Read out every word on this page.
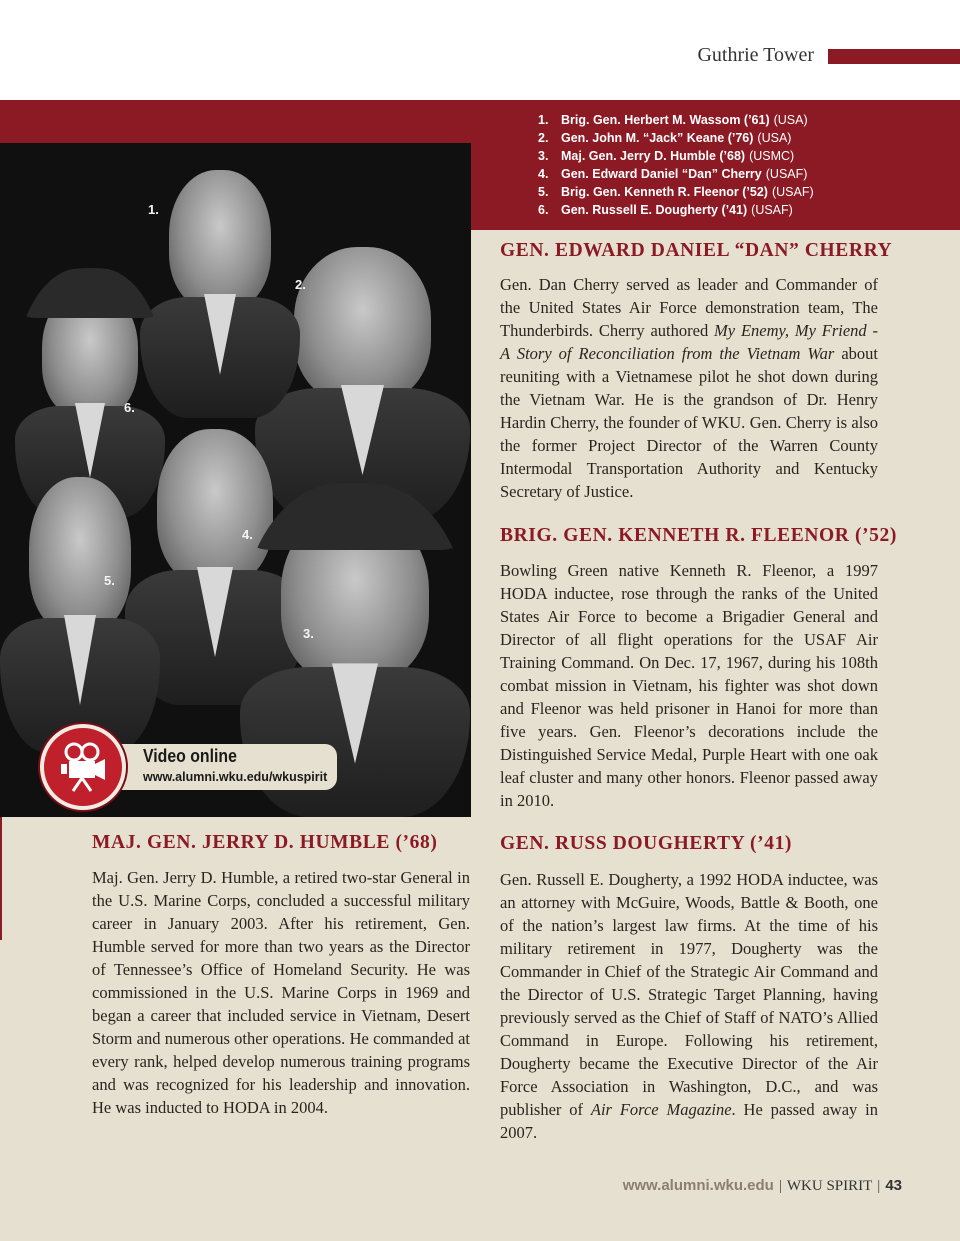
Guthrie Tower
1.	Brig. Gen. Herbert M. Wassom (’61) (USA)
2.	Gen. John M. “Jack” Keane (’76) (USA)
3.	Maj. Gen. Jerry D. Humble (’68) (USMC)
4.	Gen. Edward Daniel “Dan” Cherry (USAF)
5.	Brig. Gen. Kenneth R. Fleenor (’52) (USAF)
6.	Gen. Russell E. Dougherty (’41) (USAF)
1.
2.
3.
4.
5.
6.
Video online
www.alumni.wku.edu/wkuspirit
GEN. EDWARD DANIEL “DAN” CHERRY

Gen. Dan Cherry served as leader and Commander of the United States Air Force demonstration team, The Thunderbirds. Cherry authored My Enemy, My Friend - A Story of Reconciliation from the Vietnam War about reuniting with a Vietnamese pilot he shot down during the Vietnam War. He is the grandson of Dr. Henry Hardin Cherry, the founder of WKU. Gen. Cherry is also the former Project Director of the Warren County Intermodal Transportation Authority and Kentucky Secretary of Justice.

BRIG. GEN. KENNETH R. FLEENOR (’52)

Bowling Green native Kenneth R. Fleenor, a 1997 HODA inductee, rose through the ranks of the United States Air Force to become a Brigadier General and Director of all flight operations for the USAF Air Training Command. On Dec. 17, 1967, during his 108th combat mission in Vietnam, his fighter was shot down and Fleenor was held prisoner in Hanoi for more than five years. Gen. Fleenor’s decorations include the Distinguished Service Medal, Purple Heart with one oak leaf cluster and many other honors. Fleenor passed away in 2010.

MAJ. GEN. JERRY D. HUMBLE (’68)

Maj. Gen. Jerry D. Humble, a retired two-star General in the U.S. Marine Corps, concluded a successful military career in January 2003. After his retirement, Gen. Humble served for more than two years as the Director of Tennessee’s Office of Homeland Security. He was commissioned in the U.S. Marine Corps in 1969 and began a career that included service in Vietnam, Desert Storm and numerous other operations. He commanded at every rank, helped develop numerous training programs and was recognized for his leadership and innovation. He was inducted to HODA in 2004.

GEN. RUSS DOUGHERTY (’41)

Gen. Russell E. Dougherty, a 1992 HODA inductee, was an attorney with McGuire, Woods, Battle & Booth, one of the nation’s largest law firms. At the time of his military retirement in 1977, Dougherty was the Commander in Chief of the Strategic Air Command and the Director of U.S. Strategic Target Planning, having previously served as the Chief of Staff of NATO’s Allied Command in Europe. Following his retirement, Dougherty became the Executive Director of the Air Force Association in Washington, D.C., and was publisher of Air Force Magazine. He passed away in 2007.

www.alumni.wku.edu | WKU SPIRIT | 43
